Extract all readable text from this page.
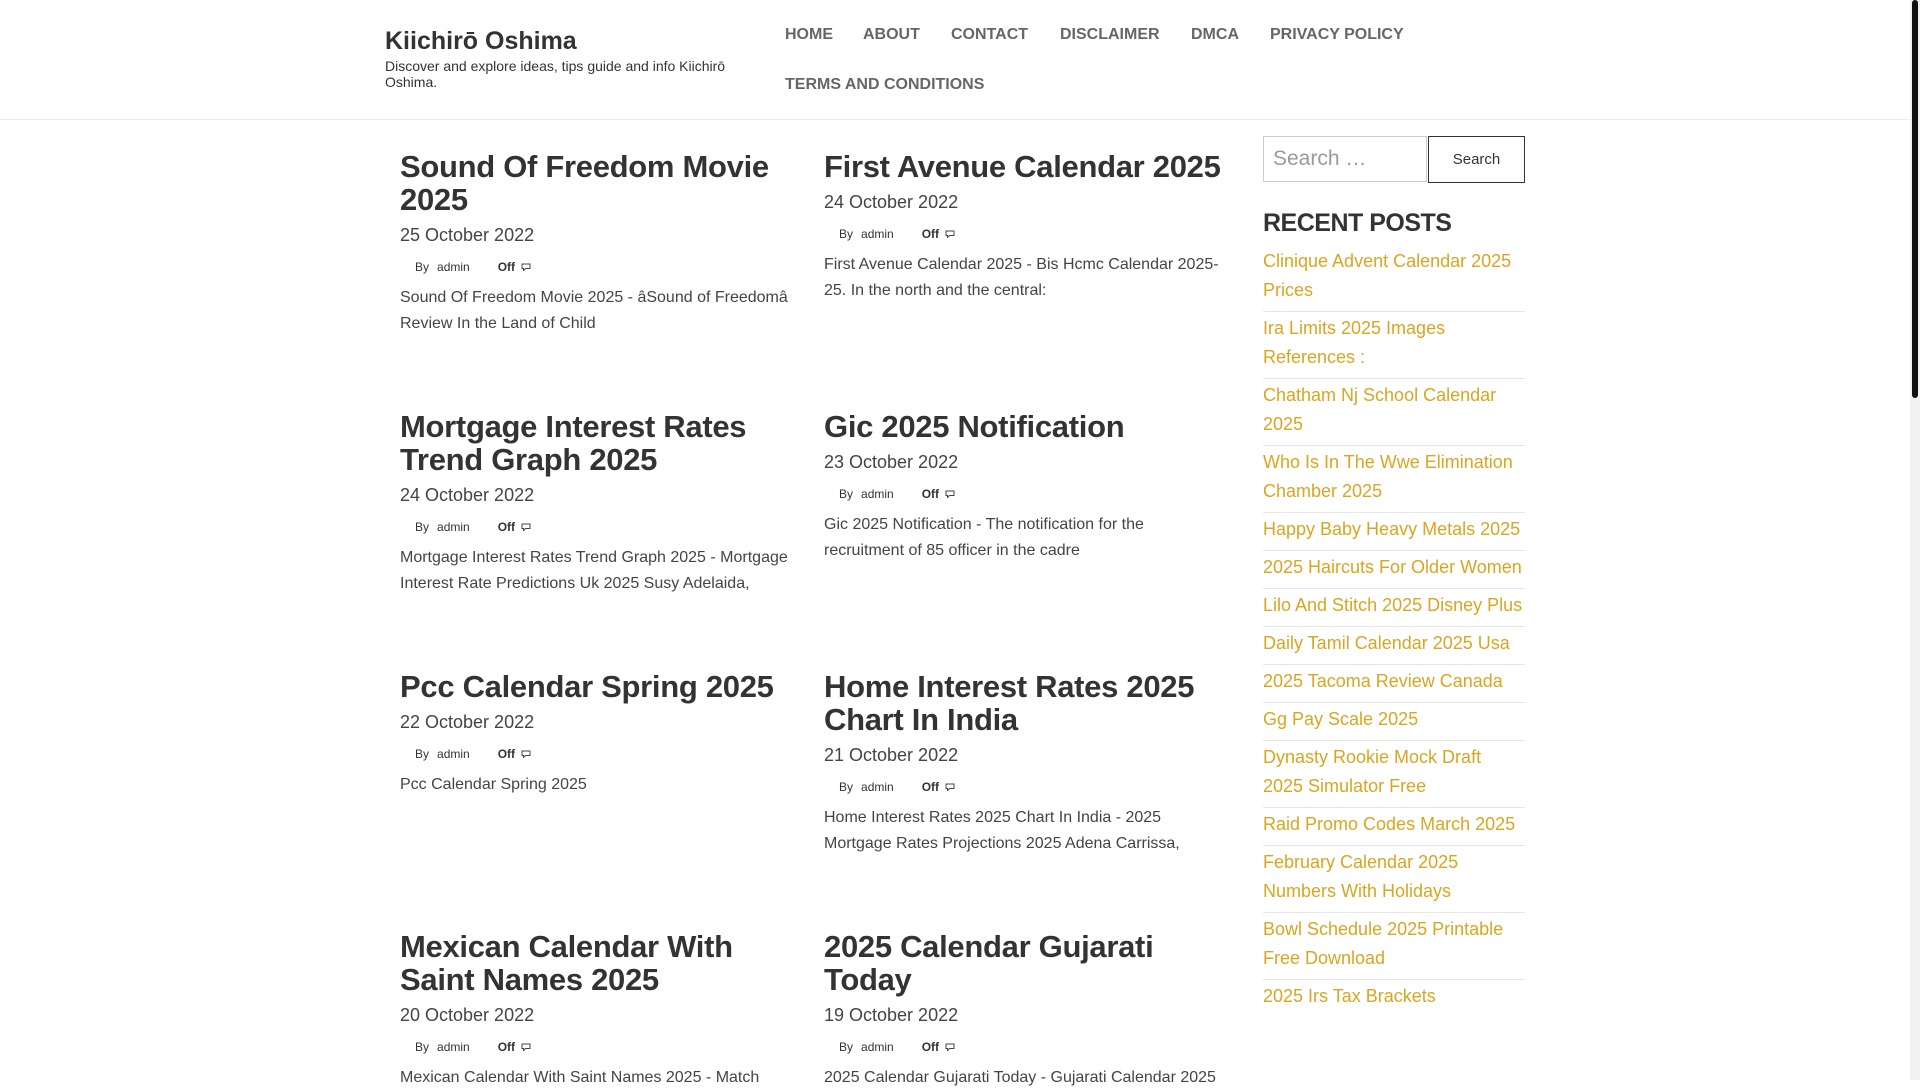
Kiichirō Oshima
Discover and explore ideas, tips guide and info Kiichirō Oshima.
HOME ABOUT CONTACT DISCLAIMER DMCA PRIVACY POLICY
TERMS AND CONDITIONS
Sound Of Freedom Movie 2025
25 October 2022
By admin Off
Sound Of Freedom Movie 2025 - âSound of Freedomâ Review In the Land of Child
First Avenue Calendar 2025
24 October 2022
By admin Off
First Avenue Calendar 2025 - Bis Hcmc Calendar 2025-25. In the north and the central:
Mortgage Interest Rates Trend Graph 2025
24 October 2022
By admin Off
Mortgage Interest Rates Trend Graph 2025 - Mortgage Interest Rate Predictions Uk 2025 Susy Adelaida,
Gic 2025 Notification
23 October 2022
By admin Off
Gic 2025 Notification - The notification for the recruitment of 85 officer in the cadre
Pcc Calendar Spring 2025
22 October 2022
By admin Off
Pcc Calendar Spring 2025
Home Interest Rates 2025 Chart In India
21 October 2022
By admin Off
Home Interest Rates 2025 Chart In India - 2025 Mortgage Rates Projections 2025 Adena Carrissa,
Mexican Calendar With Saint Names 2025
20 October 2022
By admin Off
Mexican Calendar With Saint Names 2025 - Match
2025 Calendar Gujarati Today
19 October 2022
By admin Off
2025 Calendar Gujarati Today - Gujarati Calendar 2025
Search …
Search
RECENT POSTS
Clinique Advent Calendar 2025 Prices
Ira Limits 2025 Images References :
Chatham Nj School Calendar 2025
Who Is In The Wwe Elimination Chamber 2025
Happy Baby Heavy Metals 2025
2025 Haircuts For Older Women
Lilo And Stitch 2025 Disney Plus
Daily Tamil Calendar 2025 Usa
2025 Tacoma Review Canada
Gg Pay Scale 2025
Dynasty Rookie Mock Draft 2025 Simulator Free
Raid Promo Codes March 2025
February Calendar 2025 Numbers With Holidays
Bowl Schedule 2025 Printable Free Download
2025 Irs Tax Brackets
